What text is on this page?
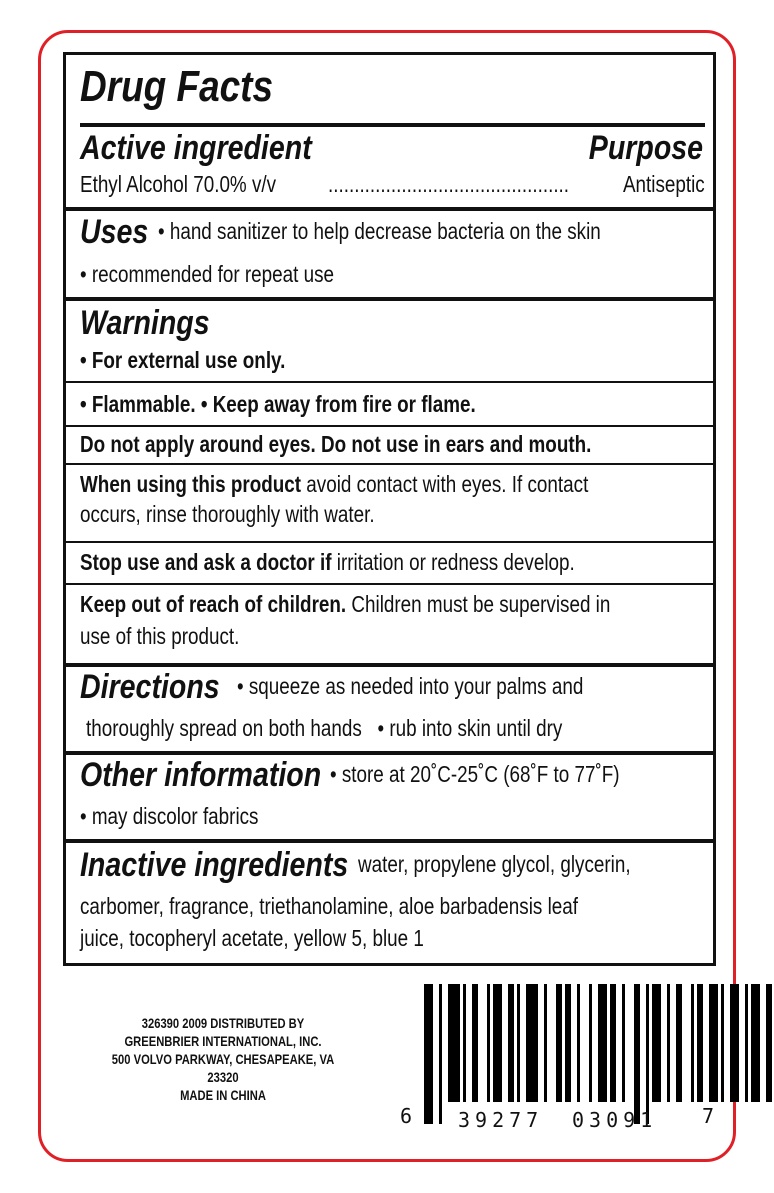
Drug Facts
Active ingredient	Purpose
Ethyl Alcohol 70.0% v/v	..............................................	Antiseptic
Uses • hand sanitizer to help decrease bacteria on the skin
• recommended for repeat use
Warnings
• For external use only.
• Flammable. • Keep away from fire or flame.
Do not apply around eyes. Do not use in ears and mouth.
When using this product avoid contact with eyes. If contact
occurs, rinse thoroughly with water.
Stop use and ask a doctor if irritation or redness develop.
Keep out of reach of children. Children must be supervised in
use of this product.
Directions • squeeze as needed into your palms and
thoroughly spread on both hands   • rub into skin until dry
Other information • store at 20˚C-25˚C (68˚F to 77˚F)
• may discolor fabrics
Inactive ingredients water, propylene glycol, glycerin,
carbomer, fragrance, triethanolamine, aloe barbadensis leaf
juice, tocopheryl acetate, yellow 5, blue 1
326390 2009 DISTRIBUTED BY
GREENBRIER INTERNATIONAL, INC.
500 VOLVO PARKWAY, CHESAPEAKE, VA 23320
MADE IN CHINA
6 39277 03091 7
